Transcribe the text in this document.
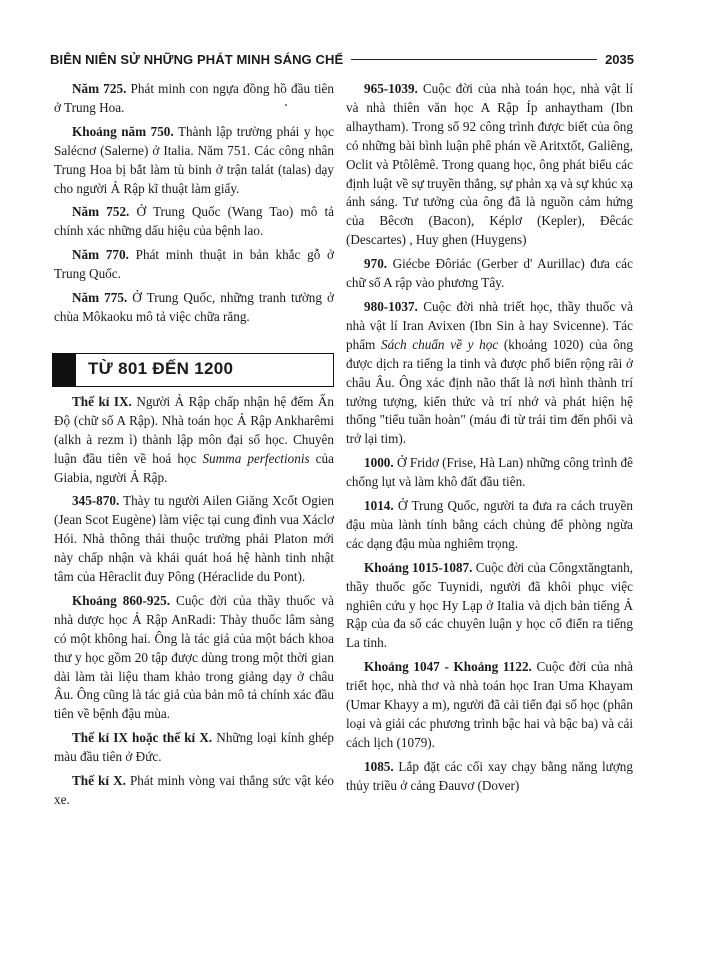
BIÊN NIÊN SỬ NHỮNG PHÁT MINH SÁNG CHẾ	2035

Năm 725. Phát minh con ngựa đồng hồ đầu tiên ở Trung Hoa.

Khoảng năm 750. Thành lập trường phái y học Salécnơ (Salerne) ở Italia. Năm 751. Các công nhân Trung Hoa bị bắt làm tù binh ở trận talát (talas) dạy cho người Ả Rập kĩ thuật làm giấy.

Năm 752. Ở Trung Quốc (Wang Tao) mô tả chính xác những dấu hiệu của bệnh lao.

Năm 770. Phát minh thuật in bản khắc gỗ ở Trung Quốc.

Năm 775. Ở Trung Quốc, những tranh tường ở chùa Môkaoku mô tả việc chữa răng.

TỪ 801 ĐẾN 1200

Thế kỉ IX. Người Ả Rập chấp nhận hệ đếm Ấn Độ (chữ số A Rập). Nhà toán học Ả Rập Ankharêmi (alkh à rezm ì) thành lập môn đại số học. Chuyên luận đầu tiên về hoá học Summa perfectionis của Giabia, người Ả Rập.

345-870. Thày tu người Ailen Giăng Xcốt Ogien (Jean Scot Eugène) làm việc tại cung đình vua Xáclơ Hói. Nhà thông thái thuộc trường phải Platon mới này chấp nhận và khái quát hoá hệ hành tinh nhật tâm của Hêraclit đuy Pông (Héraclide du Pont).

Khoảng 860-925. Cuộc đời của thầy thuốc và nhà dược học Ả Rập AnRadi: Thày thuốc lâm sàng có một không hai. Ông là tác giả của một bách khoa thư y học gồm 20 tập được dùng trong một thời gian dài làm tài liệu tham khảo trong giảng dạy ở châu Âu. Ông cũng là tác giả của bản mô tả chính xác đầu tiên về bệnh đậu mùa.

Thế kỉ IX hoặc thế kỉ X. Những loại kính ghép màu đầu tiên ở Đức.

Thế kỉ X. Phát minh vòng vai thắng sức vật kéo xe.

965-1039. Cuộc đời của nhà toán học, nhà vật lí và nhà thiên văn học A Rập Íp anhaytham (Ibn alhaytham). Trong số 92 công trình được biết của ông có những bài bình luận phê phán về Aritxtốt, Galiêng, Oclit và Ptôlêmê. Trong quang học, ông phát biểu các định luật về sự truyền thẳng, sự phản xạ và sự khúc xạ ánh sáng. Tư tưởng của ông đã là nguồn cảm hứng của Bêcơn (Bacon), Képlơ (Kepler), Đêcác (Descartes) , Huy ghen (Huygens)

970. Giécbe Đôriác (Gerber d' Aurillac) đưa các chữ số A rập vào phương Tây.

980-1037. Cuộc đời nhà triết học, thầy thuốc và nhà vật lí Iran Avixen (Ibn Sin à hay Svicenne). Tác phẩm Sách chuẩn về y học (khoảng 1020) của ông được dịch ra tiếng la tinh và được phổ biến rộng rãi ở châu Âu. Ông xác định não thất là nơi hình thành trí tưởng tượng, kiến thức và trí nhớ và phát hiện hệ thống "tiểu tuần hoàn" (máu đi từ trái tim đến phổi và trở lại tim).

1000. Ở Fridơ (Frise, Hà Lan) những công trình đê chống lụt và làm khô đất đầu tiên.

1014. Ở Trung Quốc, người ta đưa ra cách truyền đậu mùa lành tính bằng cách chủng để phòng ngừa các dạng đậu mùa nghiêm trọng.

Khoảng 1015-1087. Cuộc đời của Côngxtăngtanh, thầy thuốc gốc Tuynidi, người đã khôi phục việc nghiên cứu y học Hy Lạp ở Italia và dịch bản tiếng Ả Rập của đa số các chuyên luận y học cổ điển ra tiếng La tinh.

Khoảng 1047 - Khoảng 1122. Cuộc đời của nhà triết học, nhà thơ và nhà toán học Iran Uma Khayam (Umar Khayy a m), người đã cải tiến đại số học (phân loại và giải các phương trình bậc hai và bậc ba) và cải cách lịch (1079).

1085. Lắp đặt các cối xay chạy bằng năng lượng thủy triều ở cảng Đauvơ (Dover)
